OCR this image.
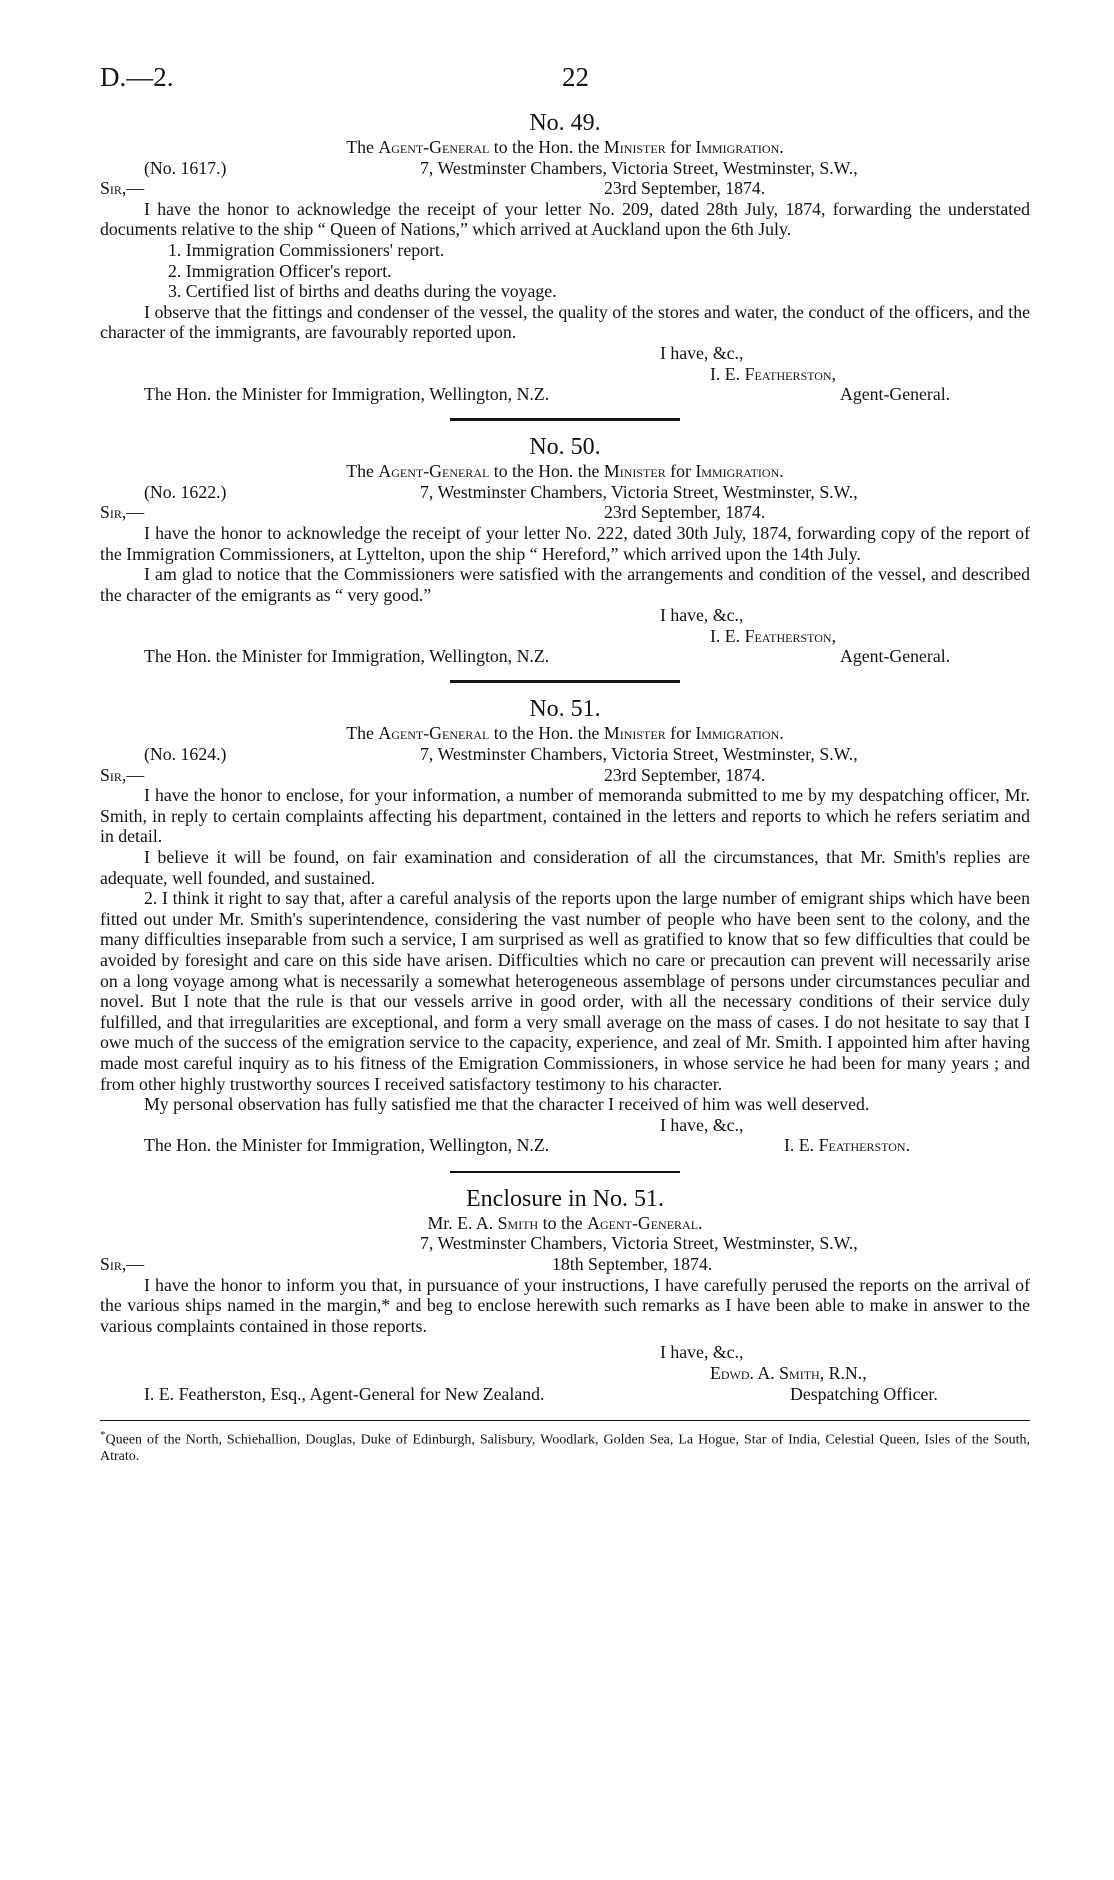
D.—2.	22
No. 49.
The Agent-General to the Hon. the Minister for Immigration.
(No. 1617.)	7, Westminster Chambers, Victoria Street, Westminster, S.W.,
Sir,—	23rd September, 1874.

I have the honor to acknowledge the receipt of your letter No. 209, dated 28th July, 1874, forwarding the understated documents relative to the ship “ Queen of Nations,” which arrived at Auckland upon the 6th July.

1. Immigration Commissioners' report.
2. Immigration Officer's report.
3. Certified list of births and deaths during the voyage.

I observe that the fittings and condenser of the vessel, the quality of the stores and water, the conduct of the officers, and the character of the immigrants, are favourably reported upon.

I have, &c.,
I. E. Featherston,
The Hon. the Minister for Immigration, Wellington, N.Z.	Agent-General.
No. 50.
The Agent-General to the Hon. the Minister for Immigration.
(No. 1622.)	7, Westminster Chambers, Victoria Street, Westminster, S.W.,
Sir,—	23rd September, 1874.

I have the honor to acknowledge the receipt of your letter No. 222, dated 30th July, 1874, forwarding copy of the report of the Immigration Commissioners, at Lyttelton, upon the ship “ Hereford,” which arrived upon the 14th July.

I am glad to notice that the Commissioners were satisfied with the arrangements and condition of the vessel, and described the character of the emigrants as “ very good.”

I have, &c.,
I. E. Featherston,
The Hon. the Minister for Immigration, Wellington, N.Z.	Agent-General.
No. 51.
The Agent-General to the Hon. the Minister for Immigration.
(No. 1624.)	7, Westminster Chambers, Victoria Street, Westminster, S.W.,
Sir,—	23rd September, 1874.

I have the honor to enclose, for your information, a number of memoranda submitted to me by my despatching officer, Mr. Smith, in reply to certain complaints affecting his department, contained in the letters and reports to which he refers seriatim and in detail.

I believe it will be found, on fair examination and consideration of all the circumstances, that Mr. Smith's replies are adequate, well founded, and sustained.

2. I think it right to say that, after a careful analysis of the reports upon the large number of emigrant ships which have been fitted out under Mr. Smith's superintendence, considering the vast number of people who have been sent to the colony, and the many difficulties inseparable from such a service, I am surprised as well as gratified to know that so few difficulties that could be avoided by foresight and care on this side have arisen. Difficulties which no care or precaution can prevent will necessarily arise on a long voyage among what is necessarily a somewhat heterogeneous assemblage of persons under circumstances peculiar and novel. But I note that the rule is that our vessels arrive in good order, with all the necessary conditions of their service duly fulfilled, and that irregularities are exceptional, and form a very small average on the mass of cases. I do not hesitate to say that I owe much of the success of the emigration service to the capacity, experience, and zeal of Mr. Smith. I appointed him after having made most careful inquiry as to his fitness of the Emigration Commissioners, in whose service he had been for many years ; and from other highly trustworthy sources I received satisfactory testimony to his character.

My personal observation has fully satisfied me that the character I received of him was well deserved.

I have, &c.,
The Hon. the Minister for Immigration, Wellington, N.Z.	I. E. Featherston.
Enclosure in No. 51.
Mr. E. A. Smith to the Agent-General.
7, Westminster Chambers, Victoria Street, Westminster, S.W.,
Sir,—	18th September, 1874.

I have the honor to inform you that, in pursuance of your instructions, I have carefully perused the reports on the arrival of the various ships named in the margin,* and beg to enclose herewith such remarks as I have been able to make in answer to the various complaints contained in those reports.

I have, &c.,
Edwd. A. Smith, R.N.,
I. E. Featherston, Esq., Agent-General for New Zealand.	Despatching Officer.
*Queen of the North, Schiehallion, Douglas, Duke of Edinburgh, Salisbury, Woodlark, Golden Sea, La Hogue, Star of India, Celestial Queen, Isles of the South, Atrato.
